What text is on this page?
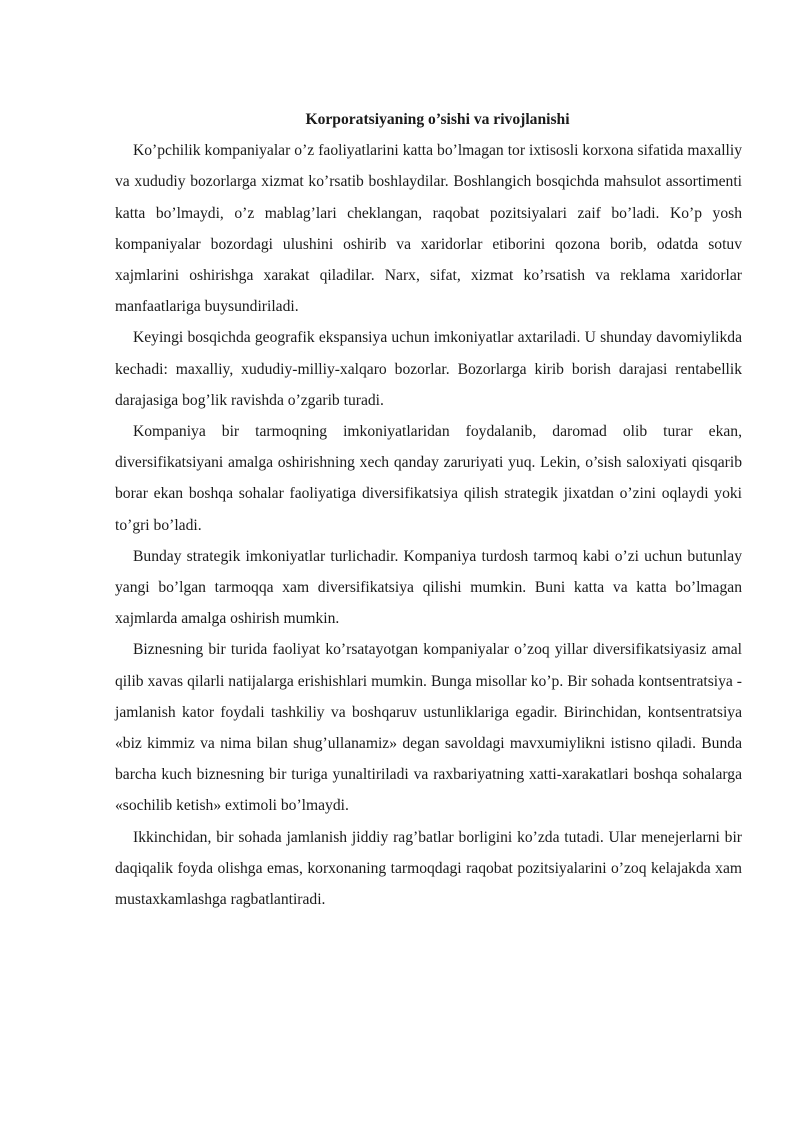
Korporatsiyaning o’sishi va rivojlanishi

Ko’pchilik kompaniyalar o’z faoliyatlarini katta bo’lmagan tor ixtisosli korxona sifatida maxalliy va xududiy bozorlarga xizmat ko’rsatib boshlaydilar. Boshlangich bosqichda mahsulot assortimenti katta bo’lmaydi, o’z mablag’lari cheklangan, raqobat pozitsiyalari zaif bo’ladi. Ko’p yosh kompaniyalar bozordagi ulushini oshirib va xaridorlar etiborini qozona borib, odatda sotuv xajmlarini oshirishga xarakat qiladilar. Narx, sifat, xizmat ko’rsatish va reklama xaridorlar manfaatlariga buysundiriladi.

Keyingi bosqichda geografik ekspansiya uchun imkoniyatlar axtariladi. U shunday davomiylikda kechadi: maxalliy, xududiy-milliy-xalqaro bozorlar. Bozorlarga kirib borish darajasi rentabellik darajasiga bog’lik ravishda o’zgarib turadi.

Kompaniya bir tarmoqning imkoniyatlaridan foydalanib, daromad olib turar ekan, diversifikatsiyani amalga oshirishning xech qanday zaruriyati yuq. Lekin, o’sish saloxiyati qisqarib borar ekan boshqa sohalar faoliyatiga diversifikatsiya qilish strategik jixatdan o’zini oqlaydi yoki to’gri bo’ladi.

Bunday strategik imkoniyatlar turlichadir. Kompaniya turdosh tarmoq kabi o’zi uchun butunlay yangi bo’lgan tarmoqqa xam diversifikatsiya qilishi mumkin. Buni katta va katta bo’lmagan xajmlarda amalga oshirish mumkin.

Biznesning bir turida faoliyat ko’rsatayotgan kompaniyalar o’zoq yillar diversifikatsiyasiz amal qilib xavas qilarli natijalarga erishishlari mumkin. Bunga misollar ko’p. Bir sohada kontsentratsiya - jamlanish kator foydali tashkiliy va boshqaruv ustunliklariga egadir. Birinchidan, kontsentratsiya «biz kimmiz va nima bilan shug’ullanamiz» degan savoldagi mavxumiylikni istisno qiladi. Bunda barcha kuch biznesning bir turiga yunaltiriladi va raxbariyatning xatti-xarakatlari boshqa sohalarga «sochilib ketish» extimoli bo’lmaydi.

Ikkinchidan, bir sohada jamlanish jiddiy rag’batlar borligini ko’zda tutadi. Ular menejerlarni bir daqiqalik foyda olishga emas, korxonaning tarmoqdagi raqobat pozitsiyalarini o’zoq kelajakda xam mustaxkamlashga ragbatlantiradi.
